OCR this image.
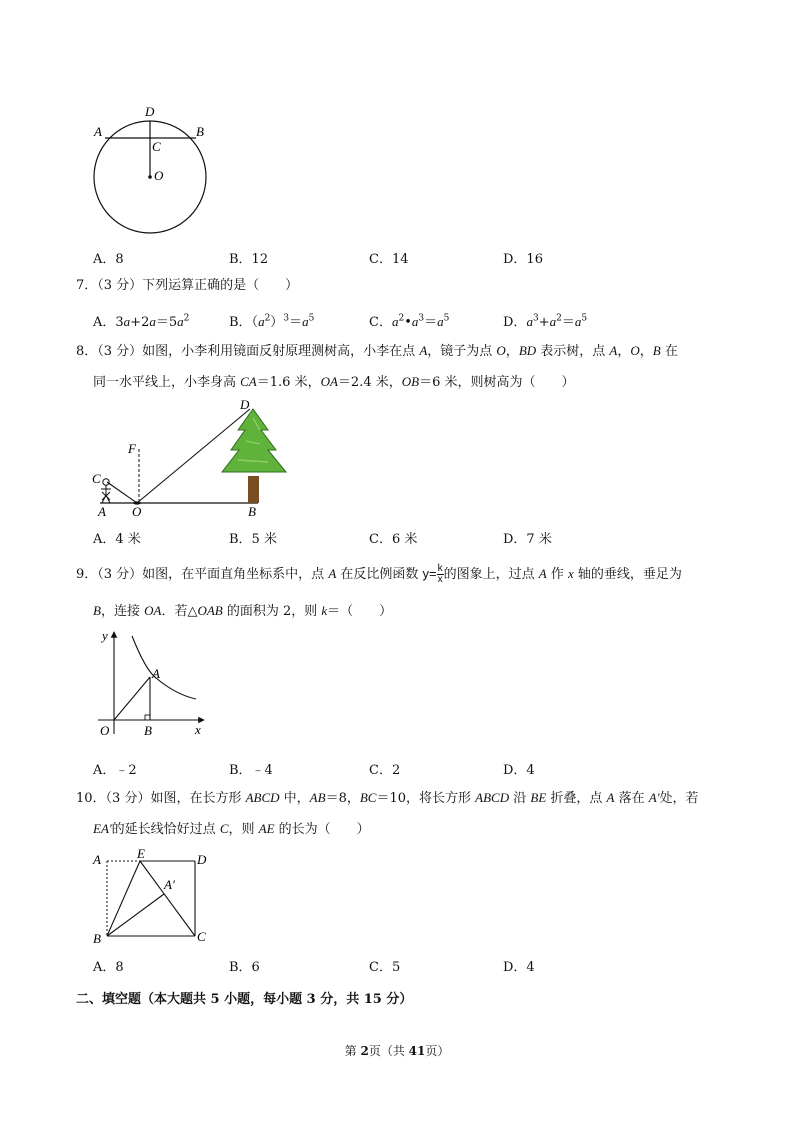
D
A	B
C
O
A．8	B．12	C．14	D．16
7．（3 分）下列运算正确的是（　　）
A．$3a+2a=5a^2$	B．$(a^2)^3=a^5$	C．$a^2•a^3=a^5$	D．$a^3+a^2=a^5$
8．（3 分）如图，小李利用镜面反射原理测树高，小李在点 A，镜子为点 O，BD 表示树，点 A，O，B 在
同一水平线上，小李身高 CA＝1.6 米，OA＝2.4 米，OB＝6 米，则树高为（　　）
D
F
C
A O	B
A．4 米	B．5 米	C．6 米	D．7 米
9．（3 分）如图，在平面直角坐标系中，点 A 在反比例函数 $y= \frac{k}{x}$ 的图象上，过点 A 作 x 轴的垂线，垂足为
B，连接 OA．若△OAB 的面积为 2，则 k＝（　　）
y
A
O	B	x
A．﹣2	B．﹣4	C．2	D．4
10．（3 分）如图，在长方形 ABCD 中，AB＝8，BC＝10，将长方形 ABCD 沿 BE 折叠，点 A 落在 A'处，若
EA'的延长线恰好过点 C，则 AE 的长为（　　）
A	E	D
A′
B	C
A．8	B．6	C．5	D．4
二、填空题（本大题共 5 小题，每小题 3 分，共 15 分）
第 2页（共 41页）
